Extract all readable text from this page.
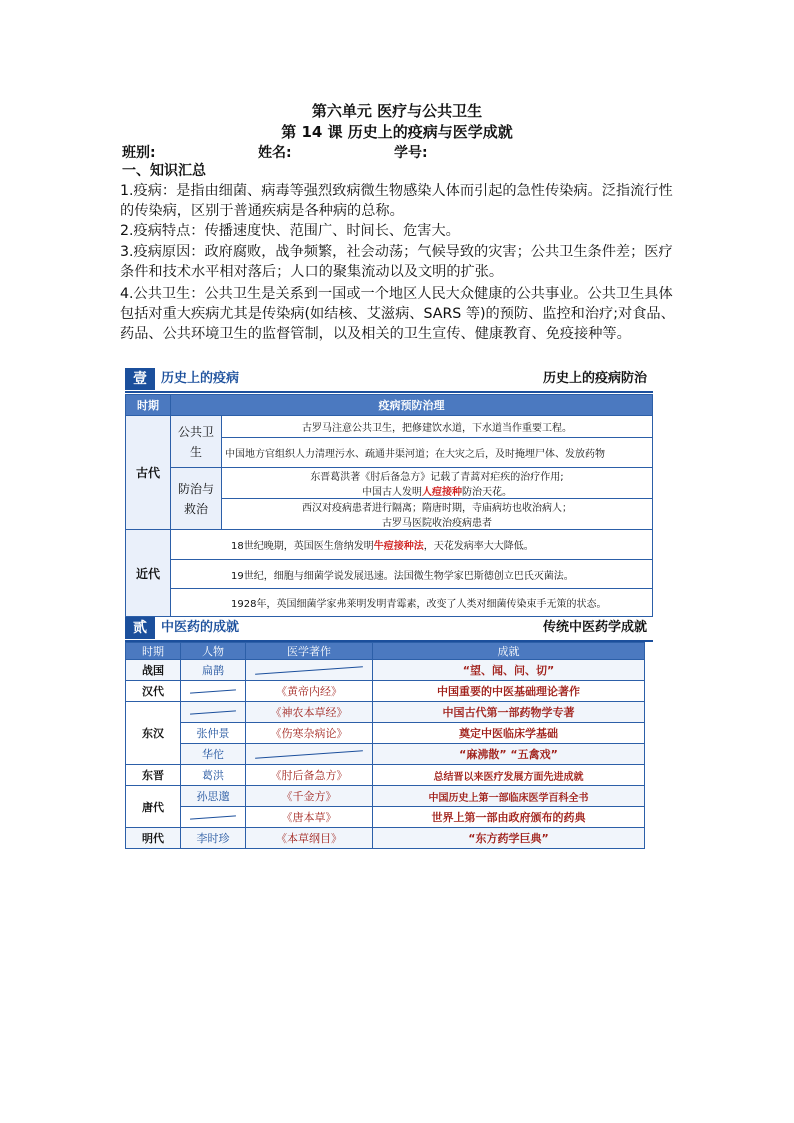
第六单元 医疗与公共卫生
第 14 课 历史上的疫病与医学成就
班别:	姓名:	学号:
一、知识汇总
1.疫病：是指由细菌、病毒等强烈致病微生物感染人体而引起的急性传染病。泛指流行性的传染病，区别于普通疾病是各种病的总称。
2.疫病特点：传播速度快、范围广、时间长、危害大。
3.疫病原因：政府腐败，战争频繁，社会动荡；气候导致的灾害；公共卫生条件差；医疗条件和技术水平相对落后；人口的聚集流动以及文明的扩张。
4.公共卫生：公共卫生是关系到一国或一个地区人民大众健康的公共事业。公共卫生具体包括对重大疾病尤其是传染病(如结核、艾滋病、SARS 等)的预防、监控和治疗;对食品、药品、公共环境卫生的监督管制，以及相关的卫生宣传、健康教育、免疫接种等。
壹	历史上的疫病	历史上的疫病防治
时期	疫病预防治理	
古代	公共卫生	古罗马注意公共卫生，把修建饮水道，下水道当作重要工程。
		中国地方官组织人力清理污水、疏通井渠河道；在大灾之后，及时掩埋尸体、发放药物
	防治与救治	东晋葛洪著《肘后备急方》记载了青蒿对疟疾的治疗作用;
中国古人发明人痘接种防治天花。

		西汉对疫病患者进行隔离；隋唐时期，寺庙病坊也收治病人；
古罗马医院收治疫病患者

近代	18世纪晚期，英国医生詹纳发明牛痘接种法，天花发病率大大降低。	
	19世纪，细胞与细菌学说发展迅速。法国微生物学家巴斯德创立巴氏灭菌法。	
	1928年，英国细菌学家弗莱明发明青霉素，改变了人类对细菌传染束手无策的状态。	
贰	中医药的成就	传统中医药学成就
时期	人物	医学著作	成就
战国	扁鹊		“望、闻、问、切”
汉代		《黄帝内经》	中国重要的中医基础理论著作
东汉		《神农本草经》	中国古代第一部药物学专著
	张仲景	《伤寒杂病论》	奠定中医临床学基础
	华佗		“麻沸散” “五禽戏”
东晋	葛洪	《肘后备急方》	总结晋以来医疗发展方面先进成就
唐代	孙思邈	《千金方》	中国历史上第一部临床医学百科全书

		《唐本草》	世界上第一部由政府颁布的药典
明代	李时珍	《本草纲目》	“东方药学巨典”
